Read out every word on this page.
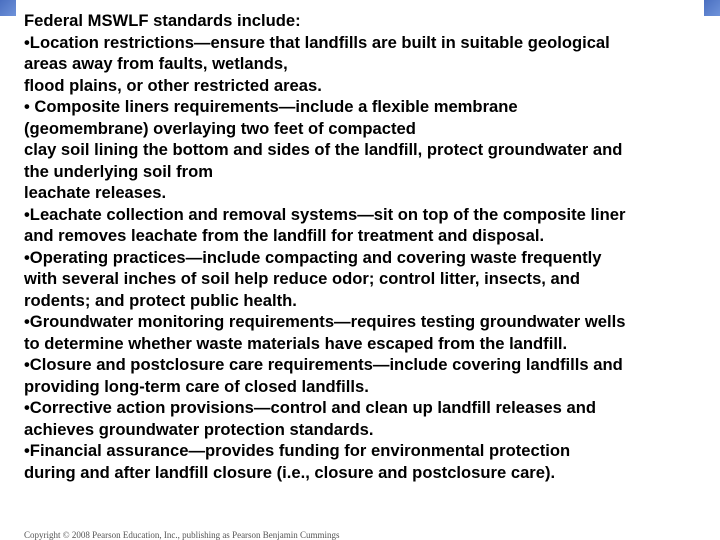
Federal MSWLF standards include:
•Location restrictions—ensure that landfills are built in suitable geological
areas away from faults, wetlands,
flood plains, or other restricted areas.
• Composite liners requirements—include a flexible membrane
(geomembrane) overlaying two feet of compacted
clay soil lining the bottom and sides of the landfill, protect groundwater and
the underlying soil from
leachate releases.
•Leachate collection and removal systems—sit on top of the composite liner
and removes leachate from the landfill for treatment and disposal.
•Operating practices—include compacting and covering waste frequently
with several inches of soil help reduce odor; control litter, insects, and
rodents; and protect public health.
•Groundwater monitoring requirements—requires testing groundwater wells
to determine whether waste materials have escaped from the landfill.
•Closure and postclosure care requirements—include covering landfills and
providing long-term care of closed landfills.
•Corrective action provisions—control and clean up landfill releases and
achieves groundwater protection standards.
•Financial assurance—provides funding for environmental protection
during and after landfill closure (i.e., closure and postclosure care).
Copyright © 2008 Pearson Education, Inc., publishing as Pearson Benjamin Cummings
